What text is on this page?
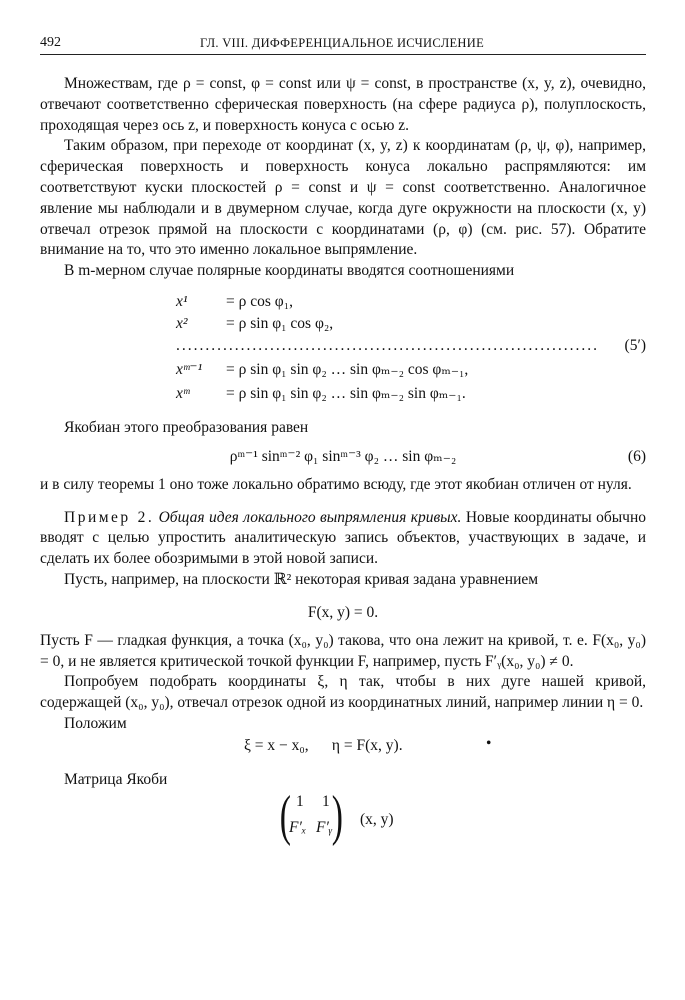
492	ГЛ. VIII. ДИФФЕРЕНЦИАЛЬНОЕ ИСЧИСЛЕНИЕ

Множествам, где ρ = const, φ = const или ψ = const, в пространстве (x, y, z), очевидно, отвечают соответственно сферическая поверхность (на сфере радиуса ρ), полуплоскость, проходящая через ось z, и поверхность конуса с осью z.

Таким образом, при переходе от координат (x, y, z) к координатам (ρ, ψ, φ), например, сферическая поверхность и поверхность конуса локально распрямляются: им соответствуют куски плоскостей ρ = const и ψ = const соответственно. Аналогичное явление мы наблюдали и в двумерном случае, когда дуге окружности на плоскости (x, y) отвечал отрезок прямой на плоскости с координатами (ρ, φ) (см. рис. 57). Обратите внимание на то, что это именно локальное выпрямление.

В m-мерном случае полярные координаты вводятся соотношениями

x¹	= ρ cos φ₁,
x²	= ρ sin φ₁ cos φ₂,
........................................................................ (5′)
xᵐ⁻¹	= ρ sin φ₁ sin φ₂ … sin φₘ₋₂ cos φₘ₋₁,
xᵐ	= ρ sin φ₁ sin φ₂ … sin φₘ₋₂ sin φₘ₋₁.

Якобиан этого преобразования равен

ρᵐ⁻¹ sinᵐ⁻² φ₁ sinᵐ⁻³ φ₂ … sin φₘ₋₂	(6)

и в силу теоремы 1 оно тоже локально обратимо всюду, где этот якобиан отличен от нуля.

Пример 2. Общая идея локального выпрямления кривых. Новые координаты обычно вводят с целью упростить аналитическую запись объектов, участвующих в задаче, и сделать их более обозримыми в этой новой записи.

Пусть, например, на плоскости ℝ² некоторая кривая задана уравнением

F(x, y) = 0.

Пусть F — гладкая функция, а точка (x₀, y₀) такова, что она лежит на кривой, т. е. F(x₀, y₀) = 0, и не является критической точкой функции F, например, пусть F′ᵧ(x₀, y₀) ≠ 0.

Попробуем подобрать координаты ξ, η так, чтобы в них дуге нашей кривой, содержащей (x₀, y₀), отвечал отрезок одной из координатных линий, например линии η = 0.

Положим
ξ = x − x₀,      η = F(x, y).	•
Матрица Якоби
( 1 1
F′ₓ F′ᵧ ) (x, y)
